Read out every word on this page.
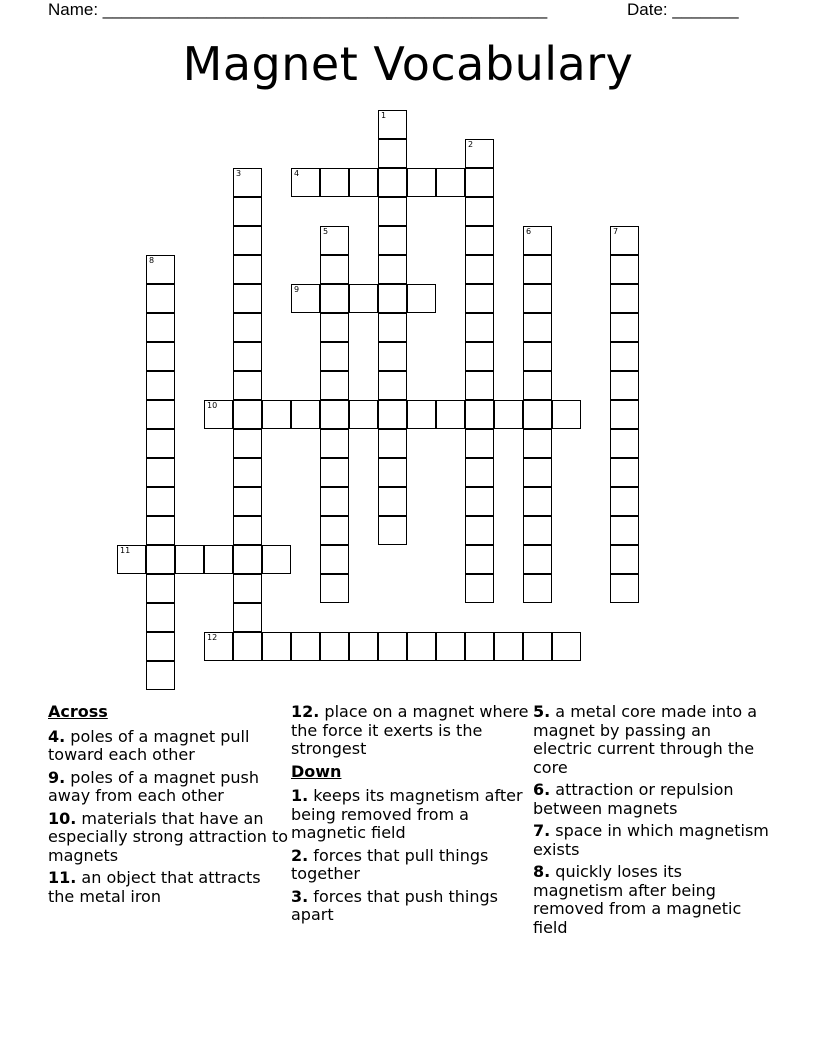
Name: _______________________________________________	Date: _______
Magnet Vocabulary
1
2
3	4
5	6	7
8
9
10
11
12
Across
4. poles of a magnet pull toward each other
9. poles of a magnet push away from each other
10. materials that have an especially strong attraction to magnets
11. an object that attracts the metal iron
12. place on a magnet where the force it exerts is the strongest
Down
1. keeps its magnetism after being removed from a magnetic field
2. forces that pull things together
3. forces that push things apart
5. a metal core made into a magnet by passing an electric current through the core
6. attraction or repulsion between magnets
7. space in which magnetism exists
8. quickly loses its magnetism after being removed from a magnetic field
